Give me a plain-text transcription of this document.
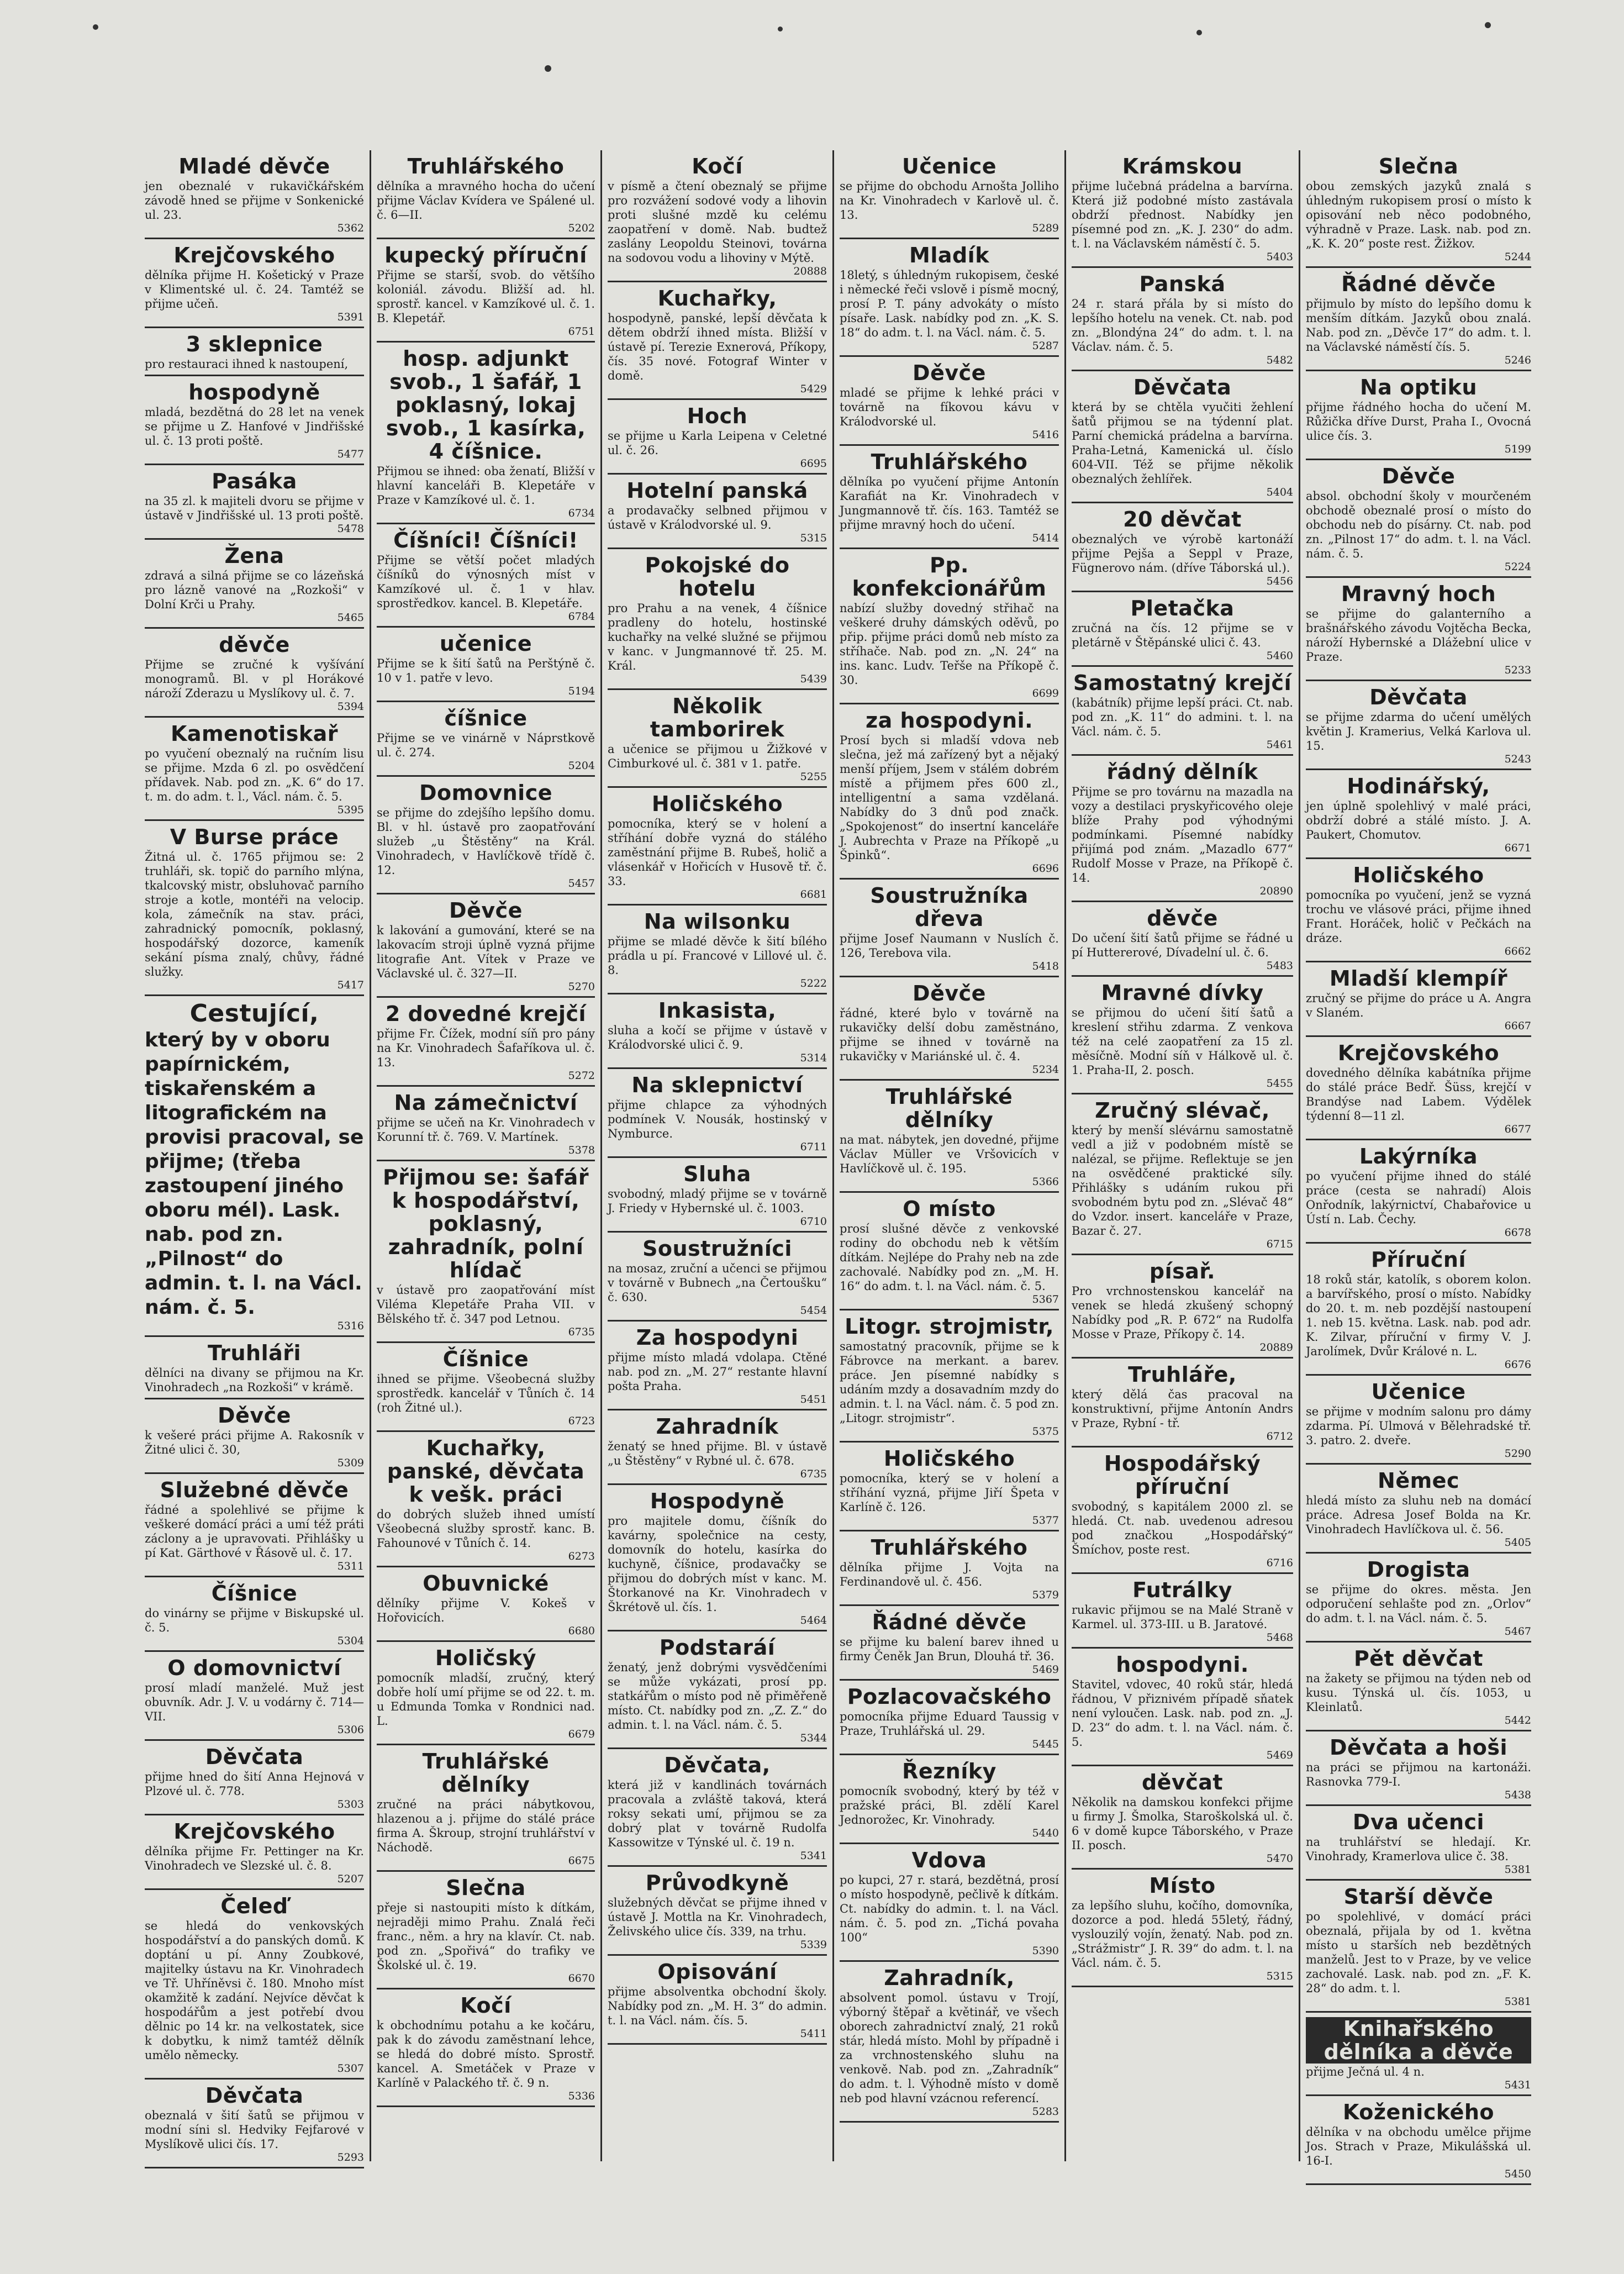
Mladé děvče

jen obeznalé v rukavičkářském závodě hned se přijme v Sonkenické ul. 23.

5362

Krejčovského

dělníka přijme H. Košetický v Praze v Klimentské ul. č. 24. Tamtéž se přijme učeň.

5391

3 sklepnice

pro restauraci ihned k nastoupení,

hospodyně

mladá, bezdětná do 28 let na venek se přijme u Z. Hanfové v Jindřišské ul. č. 13 proti poště.

5477

Pasáka

na 35 zl. k majiteli dvoru se přijme v ústavě v Jindřišské ul. 13 proti poště.

5478

Žena

zdravá a silná přijme se co lázeňská pro lázně vanové na „Rozkoši“ v Dolní Krči u Prahy.

5465

děvče

Přijme se zručné k vyšívání monogramů. Bl. v pl Horákové nároží Zderazu u Myslíkovy ul. č. 7.

5394

Kamenotiskař

po vyučení obeznalý na ručním lisu se přijme. Mzda 6 zl. po osvědčení přídavek. Nab. pod zn. „K. 6“ do 17. t. m. do adm. t. l., Václ. nám. č. 5.

5395

V Burse práce

Žitná ul. č. 1765 přijmou se: 2 truhláři, sk. topič do parního mlýna, tkalcovský mistr, obsluhovač parního stroje a kotle, montéři na velocip. kola, zámečník na stav. práci, zahradnický pomocník, poklasný, hospodářský dozorce, kameník sekání písma znalý, chůvy, řádné služky.

5417

Cestující,

který by v oboru papírnickém, tiskařenském a litografickém na provisi pracoval, se přijme; (třeba zastoupení jiného oboru mél). Lask. nab. pod zn. „Pilnost“ do admin. t. l. na Václ. nám. č. 5.

5316

Truhláři

dělníci na divany se přijmou na Kr. Vinohradech „na Rozkoši“ v krámě.

Děvče

k vešeré práci přijme A. Rakosník v Žitné ulici č. 30,

5309

Služebné děvče

řádné a spolehlivé se přijme k veškeré domácí práci a umí též práti záclony a je upravovati. Přihlášky u pí Kat. Gärthové v Řásově ul. č. 17.

5311

Číšnice

do vinárny se přijme v Biskupské ul. č. 5.

5304

O domovnictví

prosí mladí manželé. Muž jest obuvník. Adr. J. V. u vodárny č. 714—VII.

5306

Děvčata

přijme hned do šití Anna Hejnová v Plzové ul. č. 778.

5303

Krejčovského

dělníka přijme Fr. Pettinger na Kr. Vinohradech ve Slezské ul. č. 8.

5207

Čeleď

se hledá do venkovských hospodářství a do panských domů. K doptání u pí. Anny Zoubkové, majitelky ústavu na Kr. Vinohradech ve Tř. Uhříněvsi č. 180. Mnoho míst okamžitě k zadání. Nejvíce děvčat k hospodářům a jest potřebí dvou dělnic po 14 kr. na velkostatek, sice k dobytku, k nimž tamtéž dělník umělo německy.

5307

Děvčata

obeznalá v šití šatů se přijmou v modní síni sl. Hedviky Fejfarové v Myslíkově ulici čís. 17.

5293

Truhlářského

dělníka a mravného hocha do učení přijme Václav Kvídera ve Spálené ul. č. 6—II.

5202

kupecký příruční

Přijme se starší, svob. do většího koloniál. závodu. Bližší ad. hl. sprostř. kancel. v Kamzíkové ul. č. 1. B. Klepetář.

6751

hosp. adjunkt svob., 1 šafář, 1 poklasný, lokaj svob., 1 kasírka, 4 číšnice.

Přijmou se ihned: oba ženatí, Bližší v hlavní kanceláři B. Klepetáře v Praze v Kamzíkové ul. č. 1.

6734

Číšníci! Číšníci!

Přijme se větší počet mladých číšníků do výnosných míst v Kamzíkové ul. č. 1 v hlav. sprostředkov. kancel. B. Klepetáře.

6784

učenice

Přijme se k šití šatů na Perštýně č. 10 v 1. patře v levo.

5194

číšnice

Přijme se ve vinárně v Náprstkově ul. č. 274.

5204

Domovnice

se přijme do zdejšího lepšího domu. Bl. v hl. ústavě pro zaopatřování služeb „u Štěstěny“ na Král. Vinohradech, v Havlíčkově třídě č. 12.

5457

Děvče

k lakování a gumování, které se na lakovacím stroji úplně vyzná přijme litografie Ant. Vítek v Praze ve Václavské ul. č. 327—II.

5270

2 dovedné krejčí

přijme Fr. Čížek, modní síň pro pány na Kr. Vinohradech Šafaříkova ul. č. 13.

5272

Na zámečnictví

přijme se učeň na Kr. Vinohradech v Korunní tř. č. 769. V. Martínek.

5378

Přijmou se: šafář k hospodářství, poklasný, zahradník, polní hlídač

v ústavě pro zaopatřování míst Viléma Klepetáře Praha VII. v Bělského tř. č. 347 pod Letnou.

6735

Číšnice

ihned se přijme. Všeobecná služby sprostředk. kancelář v Tůních č. 14 (roh Žitné ul.).

6723

Kuchařky, panské, děvčata k vešk. práci

do dobrých služeb ihned umístí Všeobecná služby sprostř. kanc. B. Fahounové v Tůních č. 14.

6273

Obuvnické

dělníky přijme V. Kokeš v Hořovicích.

6680

Holičský

pomocník mladší, zručný, který dobře holí umí přijme se od 22. t. m. u Edmunda Tomka v Rondnici nad. L.

6679

Truhlářské dělníky

zručné na práci nábytkovou, hlazenou a j. přijme do stálé práce firma A. Škroup, strojní truhlářství v Náchodě.

6675

Slečna

přeje si nastoupiti místo k dítkám, nejraději mimo Prahu. Znalá řeči franc., něm. a hry na klavír. Ct. nab. pod zn. „Spořivá“ do trafiky ve Školské ul. č. 19.

6670

Kočí

k obchodnímu potahu a ke kočáru, pak k do závodu zaměstnaní lehce, se hledá do dobré místo. Sprostř. kancel. A. Smetáček v Praze v Karlíně v Palackého tř. č. 9 n.

5336

Kočí

v písmě a čtení obeznalý se přijme pro rozvážení sodové vody a lihovin proti slušné mzdě ku celému zaopatření v domě. Nab. budtež zaslány Leopoldu Steinovi, továrna na sodovou vodu a lihoviny v Mýtě.

20888

Kuchařky,

hospodyně, panské, lepší děvčata k dětem obdrží ihned místa. Bližší v ústavě pí. Terezie Exnerová, Příkopy, čís. 35 nové. Fotograf Winter v domě.

5429

Hoch

se přijme u Karla Leipena v Celetné ul. č. 26.

6695

Hotelní panská

a prodavačky selbned přijmou v ústavě v Králodvorské ul. 9.

5315

Pokojské do hotelu

pro Prahu a na venek, 4 číšnice pradleny do hotelu, hostinské kuchařky na velké služné se přijmou v kanc. v Jungmannové tř. 25. M. Král.

5439

Několik tamborirek

a učenice se přijmou u Žižkové v Cimburkové ul. č. 381 v 1. patře.

5255

Holičského

pomocníka, který se v holení a stříhání dobře vyzná do stálého zaměstnání přijme B. Rubeš, holič a vlásenkář v Hořicích v Husově tř. č. 33.

6681

Na wilsonku

přijme se mladé děvče k šití bílého prádla u pí. Francové v Lillové ul. č. 8.

5222

Inkasista,

sluha a kočí se přijme v ústavě v Králodvorské ulici č. 9.

5314

Na sklepnictví

přijme chlapce za výhodných podmínek V. Nousák, hostinský v Nymburce.

6711

Sluha

svobodný, mladý přijme se v továrně J. Friedy v Hybernské ul. č. 1003.

6710

Soustružníci

na mosaz, zruční a učenci se přijmou v továrně v Bubnech „na Čertoušku“ č. 630.

5454

Za hospodyni

přijme místo mladá vdolapa. Ctěné nab. pod zn. „M. 27“ restante hlavní pošta Praha.

5451

Zahradník

ženatý se hned přijme. Bl. v ústavě „u Štěstěny“ v Rybné ul. č. 678.

6735

Hospodyně

pro majitele domu, číšník do kavárny, společnice na cesty, domovník do hotelu, kasírka do kuchyně, číšnice, prodavačky se přijmou do dobrých míst v kanc. M. Štorkanové na Kr. Vinohradech v Škrétově ul. čís. 1.

5464

Podstaráí

ženatý, jenž dobrými vysvědčeními se může vykázati, prosí pp. statkářům o místo pod ně přiměřeně místo. Ct. nabídky pod zn. „Z. Z.“ do admin. t. l. na Václ. nám. č. 5.

5344

Děvčata,

která již v kandlinách továrnách pracovala a zvláště taková, která roksy sekati umí, přijmou se za dobrý plat v továrně Rudolfa Kassowitze v Týnské ul. č. 19 n.

5341

Průvodkyně

služebných děvčat se přijme ihned v ústavě J. Mottla na Kr. Vinohradech, Želivského ulice čís. 339, na trhu.

5339

Opisování

přijme absolventka obchodní školy. Nabídky pod zn. „M. H. 3“ do admin. t. l. na Václ. nám. čís. 5.

5411

Učenice

se přijme do obchodu Arnošta Jolliho na Kr. Vinohradech v Karlově ul. č. 13.

5289

Mladík

18letý, s úhledným rukopisem, české i německé řeči vslově i písmě mocný, prosí P. T. pány advokáty o místo písaře. Lask. nabídky pod zn. „K. S. 18“ do adm. t. l. na Václ. nám. č. 5.

5287

Děvče

mladé se přijme k lehké práci v továrně na fíkovou kávu v Králodvorské ul.

5416

Truhlářského

dělníka po vyučení přijme Antonín Karafiát na Kr. Vinohradech v Jungmannově tř. čís. 163. Tamtéž se přijme mravný hoch do učení.

5414

Pp. konfekcionářům

nabízí služby dovedný střihač na veškeré druhy dámských oděvů, po přip. přijme práci domů neb místo za stříhače. Nab. pod zn. „N. 24“ na ins. kanc. Ludv. Teřše na Příkopě č. 30.

6699

za hospodyni.

Prosí bych si mladší vdova neb slečna, jež má zařízený byt a nějaký menší příjem, Jsem v stálém dobrém místě a přijmem přes 600 zl., intelligentní a sama vzdělaná. Nabídky do 3 dnů pod značk. „Spokojenost“ do insertní kanceláře J. Aubrechta v Praze na Příkopě „u Špinků“.

6696

Soustružníka dřeva

přijme Josef Naumann v Nuslích č. 126, Terebova vila.

5418

Děvče

řádné, které bylo v továrně na rukavičky delší dobu zaměstnáno, přijme se ihned v továrně na rukavičky v Mariánské ul. č. 4.

5234

Truhlářské dělníky

na mat. nábytek, jen dovedné, přijme Václav Müller ve Vršovicích v Havlíčkově ul. č. 195.

5366

O místo

prosí slušné děvče z venkovské rodiny do obchodu neb k větším dítkám. Nejlépe do Prahy neb na zde zachovalé. Nabídky pod zn. „M. H. 16“ do adm. t. l. na Václ. nám. č. 5.

5367

Litogr. strojmistr,

samostatný pracovník, přijme se k Fábrovce na merkant. a barev. práce. Jen písemné nabídky s udáním mzdy a dosavadním mzdy do admin. t. l. na Václ. nám. č. 5 pod zn. „Litogr. strojmistr“.

5375

Holičského

pomocníka, který se v holení a stříhání vyzná, přijme Jiří Špeta v Karlíně č. 126.

5377

Truhlářského

dělníka přijme J. Vojta na Ferdinandově ul. č. 456.

5379

Řádné děvče

se přijme ku balení barev ihned u firmy Čeněk Jan Brun, Dlouhá tř. 36.

5469

Pozlacovačského

pomocníka přijme Eduard Taussig v Praze, Truhlářská ul. 29.

5445

Řezníky

pomocník svobodný, který by též v pražské práci, Bl. zdělí Karel Jednorožec, Kr. Vinohrady.

5440

Vdova

po kupci, 27 r. stará, bezdětná, prosí o místo hospodyně, pečlivě k dítkám. Ct. nabídky do admin. t. l. na Václ. nám. č. 5. pod zn. „Tichá povaha 100“

5390

Zahradník,

absolvent pomol. ústavu v Trojí, výborný štěpař a květinář, ve všech oborech zahradnictví znalý, 21 roků stár, hledá místo. Mohl by případně i za vrchnostenského sluhu na venkově. Nab. pod zn. „Zahradník“ do adm. t. l. Výhodně místo v domě neb pod hlavní vzácnou referencí.

5283

Krámskou

přijme lučebná prádelna a barvírna. Která již podobné místo zastávala obdrží přednost. Nabídky jen písemné pod zn. „K. J. 230“ do adm. t. l. na Václavském náměstí č. 5.

5403

Panská

24 r. stará přála by si místo do lepšího hotelu na venek. Ct. nab. pod zn. „Blondýna 24“ do adm. t. l. na Václav. nám. č. 5.

5482

Děvčata

která by se chtěla vyučiti žehlení šatů přijmou se na týdenní plat. Parní chemická prádelna a barvírna. Praha-Letná, Kamenická ul. číslo 604-VII. Též se přijme několik obeznalých žehlířek.

5404

20 děvčat

obeznalých ve výrobě kartonáží přijme Pejša a Seppl v Praze, Fügnerovo nám. (dříve Táborská ul.).

5456

Pletačka

zručná na čís. 12 přijme se v pletárně v Štěpánské ulici č. 43.

5460

Samostatný krejčí

(kabátník) přijme lepší práci. Ct. nab. pod zn. „K. 11“ do admini. t. l. na Václ. nám. č. 5.

5461

řádný dělník

Přijme se pro továrnu na mazadla na vozy a destilaci pryskyřicového oleje blíže Prahy pod výhodnými podmínkami. Písemné nabídky přijímá pod znám. „Mazadlo 677“ Rudolf Mosse v Praze, na Příkopě č. 14.

20890

děvče

Do učení šití šatů přijme se řádné u pí Huttererové, Dívadelní ul. č. 6.

5483

Mravné dívky

se přijmou do učení šití šatů a kreslení střihu zdarma. Z venkova též na celé zaopatření za 15 zl. měsíčně. Modní síň v Hálkově ul. č. 1. Praha-II, 2. posch.

5455

Zručný slévač,

který by menší slévárnu samostatně vedl a již v podobném místě se nalézal, se přijme. Reflektuje se jen na osvědčené praktické síly. Přihlášky s udáním rukou při svobodném bytu pod zn. „Slévač 48“ do Vzdor. insert. kanceláře v Praze, Bazar č. 27.

6715

písař.

Pro vrchnostenskou kancelář na venek se hledá zkušený schopný Nabídky pod „R. P. 672“ na Rudolfa Mosse v Praze, Příkopy č. 14.

20889

Truhláře,

který dělá čas pracoval na konstruktivní, přijme Antonín Andrs v Praze, Rybní - tř.

6712

Hospodářský příruční

svobodný, s kapitálem 2000 zl. se hledá. Ct. nab. uvedenou adresou pod značkou „Hospodářský“ Šmíchov, poste rest.

6716

Futrálky

rukavic přijmou se na Malé Straně v Karmel. ul. 373-III. u B. Jaratové.

5468

hospodyni.

Stavitel, vdovec, 40 roků stár, hledá řádnou, V přiznivém případě sňatek není vyloučen. Lask. nab. pod zn. „J. D. 23“ do adm. t. l. na Václ. nám. č. 5.

5469

děvčat

Několik na damskou konfekci přijme u firmy J. Šmolka, Staroškolská ul. č. 6 v domě kupce Táborského, v Praze II. posch.

5470

Místo

za lepšího sluhu, kočího, domovníka, dozorce a pod. hledá 55letý, řádný, vyslouzilý vojín, ženatý. Nab. pod zn. „Strážmistr“ J. R. 39“ do adm. t. l. na Václ. nám. č. 5.

5315

Slečna

obou zemských jazyků znalá s úhledným rukopisem prosí o místo k opisování neb něco podobného, výhradně v Praze. Lask. nab. pod zn. „K. K. 20“ poste rest. Žižkov.

5244

Řádné děvče

přijmulo by místo do lepšího domu k menším dítkám. Jazyků obou znalá. Nab. pod zn. „Děvče 17“ do adm. t. l. na Václavské náměstí čís. 5.

5246

Na optiku

přijme řádného hocha do učení M. Růžička dříve Durst, Praha I., Ovocná ulice čís. 3.

5199

Děvče

absol. obchodní školy v mourčeném obchodě obeznalé prosí o místo do obchodu neb do písárny. Ct. nab. pod zn. „Pilnost 17“ do adm. t. l. na Václ. nám. č. 5.

5224

Mravný hoch

se přijme do galanterního a brašnářského závodu Vojtěcha Becka, nároží Hybernské a Dlážební ulice v Praze.

5233

Děvčata

se přijme zdarma do učení umělých květin J. Kramerius, Velká Karlova ul. 15.

5243

Hodinářský,

jen úplně spolehlivý v malé práci, obdrží dobré a stálé místo. J. A. Paukert, Chomutov.

6671

Holičského

pomocníka po vyučení, jenž se vyzná trochu ve vlásové práci, přijme ihned Frant. Horáček, holič v Pečkách na dráze.

6662

Mladší klempíř

zručný se přijme do práce u A. Angra v Slaném.

6667

Krejčovského

dovedného dělníka kabátníka přijme do stálé práce Bedř. Šüss, krejčí v Brandýse nad Labem. Výdělek týdenní 8—11 zl.

6677

Lakýrníka

po vyučení přijme ihned do stálé práce (cesta se nahradí) Alois Onřodník, lakýrnictví, Chabařovice u Ústí n. Lab. Čechy.

6678

Příruční

18 roků stár, katolík, s oborem kolon. a barvířského, prosí o místo. Nabídky do 20. t. m. neb pozdější nastoupení 1. neb 15. května. Lask. nab. pod adr. K. Zilvar, příruční v firmy V. J. Jarolímek, Dvůr Králové n. L.

6676

Učenice

se přijme v modním salonu pro dámy zdarma. Pí. Ulmová v Bělehradské tř. 3. patro. 2. dveře.

5290

Němec

hledá místo za sluhu neb na domácí práce. Adresa Josef Bolda na Kr. Vinohradech Havlíčkova ul. č. 56.

5405

Drogista

se přijme do okres. města. Jen odporučení sehlašte pod zn. „Orlov“ do adm. t. l. na Václ. nám. č. 5.

5467

Pět děvčat

na žakety se přijmou na týden neb od kusu. Týnská ul. čís. 1053, u Kleinlatů.

5442

Děvčata a hoši

na práci se přijmou na kartonáži. Rasnovka 779-I.

5438

Dva učenci

na truhlářství se hledají. Kr. Vinohrady, Kramerlova ulice č. 38.

5381

Starší děvče

po spolehlivé, v domácí práci obeznalá, přijala by od 1. května místo u starších neb bezdětných manželů. Jest to v Praze, by ve velice zachovalé. Lask. nab. pod zn. „F. K. 28“ do adm. t. l.

5381

Knihařského dělníka a děvče

přijme Ječná ul. 4 n.

5431

Koženického

dělníka v na obchodu umělce přijme Jos. Strach v Praze, Mikulášská ul. 16-I.

5450
